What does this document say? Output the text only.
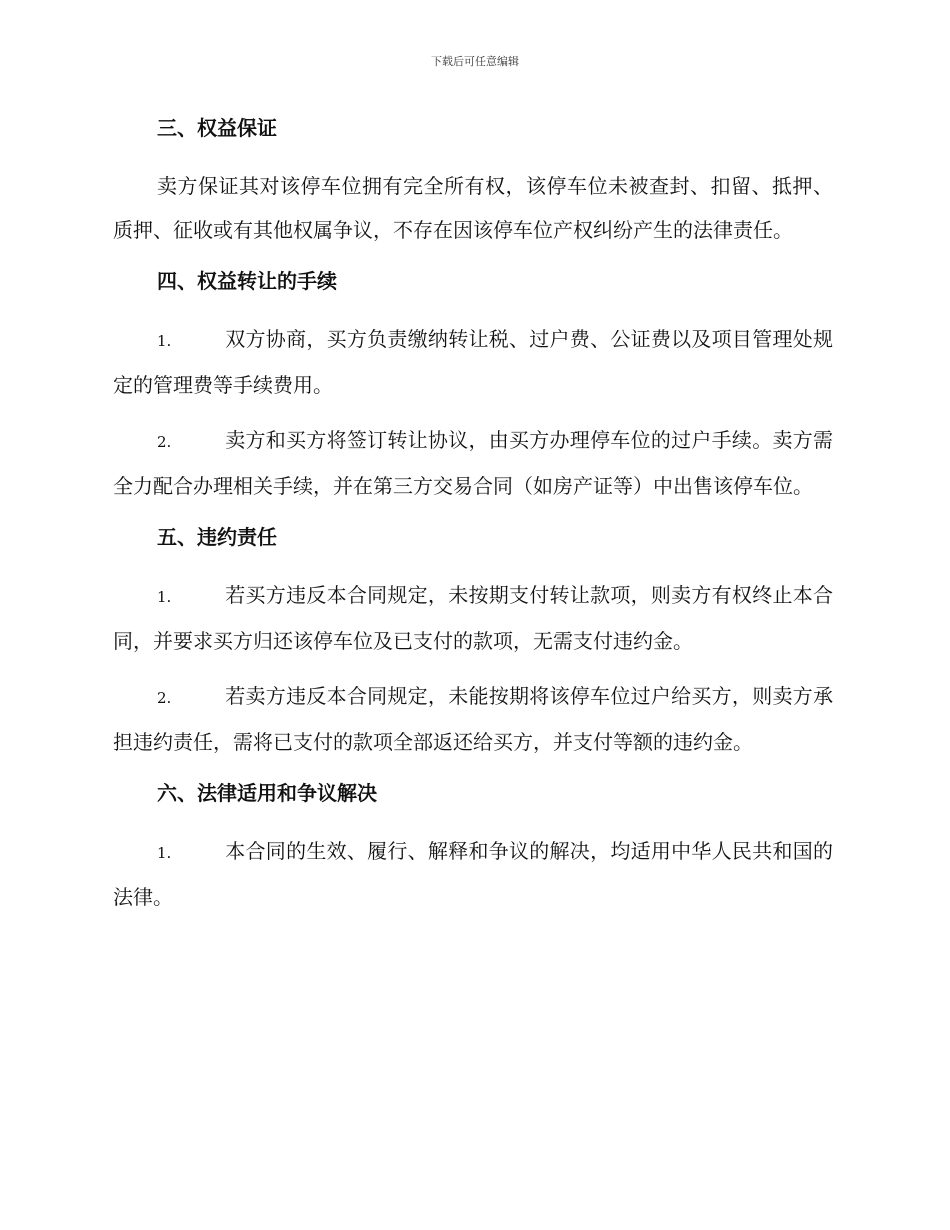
下载后可任意编辑
三、权益保证

卖方保证其对该停车位拥有完全所有权，该停车位未被查封、扣留、抵押、质押、征收或有其他权属争议，不存在因该停车位产权纠纷产生的法律责任。

四、权益转让的手续

1.	双方协商，买方负责缴纳转让税、过户费、公证费以及项目管理处规定的管理费等手续费用。

2.	卖方和买方将签订转让协议，由买方办理停车位的过户手续。卖方需全力配合办理相关手续，并在第三方交易合同（如房产证等）中出售该停车位。

五、违约责任

1.	若买方违反本合同规定，未按期支付转让款项，则卖方有权终止本合同，并要求买方归还该停车位及已支付的款项，无需支付违约金。

2.	若卖方违反本合同规定，未能按期将该停车位过户给买方，则卖方承担违约责任，需将已支付的款项全部返还给买方，并支付等额的违约金。

六、法律适用和争议解决

1.	本合同的生效、履行、解释和争议的解决，均适用中华人民共和国的法律。
